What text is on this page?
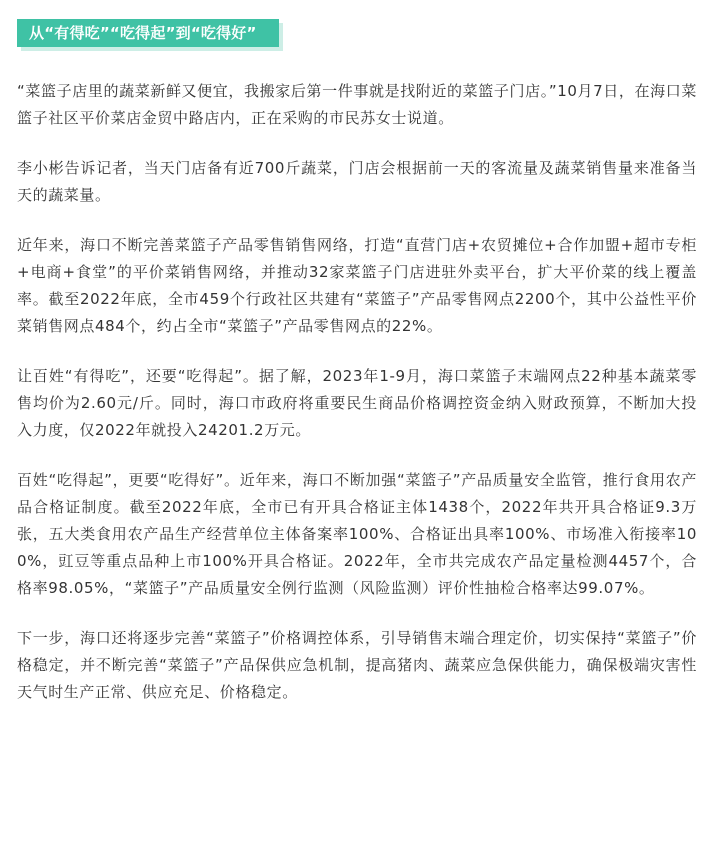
从“有得吃”“吃得起”到“吃得好”

“菜篮子店里的蔬菜新鲜又便宜，我搬家后第一件事就是找附近的菜篮子门店。”10月7日，在海口菜篮子社区平价菜店金贸中路店内，正在采购的市民苏女士说道。

李小彬告诉记者，当天门店备有近700斤蔬菜，门店会根据前一天的客流量及蔬菜销售量来准备当天的蔬菜量。

近年来，海口不断完善菜篮子产品零售销售网络，打造“直营门店+农贸摊位+合作加盟+超市专柜+电商+食堂”的平价菜销售网络，并推动32家菜篮子门店进驻外卖平台，扩大平价菜的线上覆盖率。截至2022年底，全市459个行政社区共建有“菜篮子”产品零售网点2200个，其中公益性平价菜销售网点484个，约占全市“菜篮子”产品零售网点的22%。

让百姓“有得吃”，还要“吃得起”。据了解，2023年1-9月，海口菜篮子末端网点22种基本蔬菜零售均价为2.60元/斤。同时，海口市政府将重要民生商品价格调控资金纳入财政预算，不断加大投入力度，仅2022年就投入24201.2万元。

百姓“吃得起”，更要“吃得好”。近年来，海口不断加强“菜篮子”产品质量安全监管，推行食用农产品合格证制度。截至2022年底，全市已有开具合格证主体1438个，2022年共开具合格证9.3万张，五大类食用农产品生产经营单位主体备案率100%、合格证出具率100%、市场准入衔接率100%，豇豆等重点品种上市100%开具合格证。2022年，全市共完成农产品定量检测4457个，合格率98.05%，“菜篮子”产品质量安全例行监测（风险监测）评价性抽检合格率达99.07%。

下一步，海口还将逐步完善“菜篮子”价格调控体系，引导销售末端合理定价，切实保持“菜篮子”价格稳定，并不断完善“菜篮子”产品保供应急机制，提高猪肉、蔬菜应急保供能力，确保极端灾害性天气时生产正常、供应充足、价格稳定。
